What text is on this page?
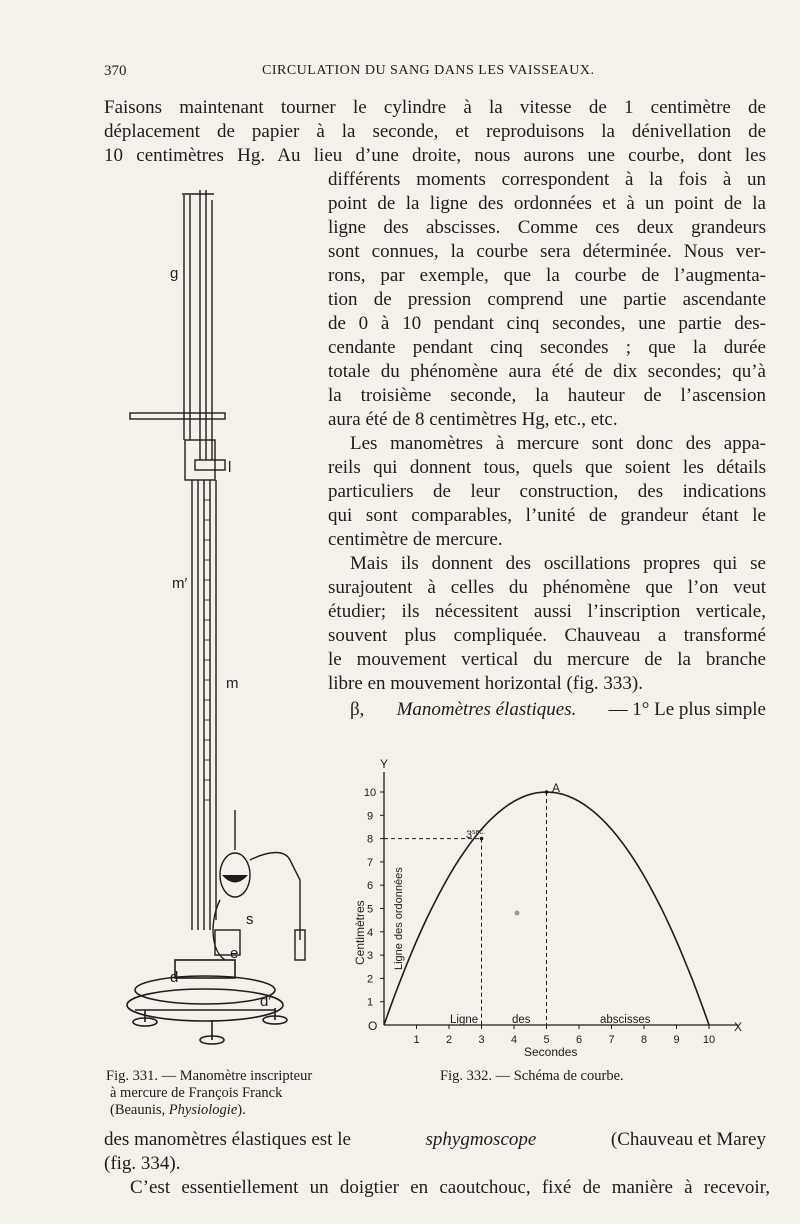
370	CIRCULATION DU SANG DANS LES VAISSEAUX.
Faisons maintenant tourner le cylindre à la vitesse de 1 centimètre de
déplacement de papier à la seconde, et reproduisons la dénivellation de
10 centimètres Hg. Au lieu d’une droite, nous aurons une courbe, dont les
différents moments correspondent à la fois à un
point de la ligne des ordonnées et à un point de la
ligne des abscisses. Comme ces deux grandeurs
sont connues, la courbe sera déterminée. Nous ver-
rons, par exemple, que la courbe de l’augmenta-
tion de pression comprend une partie ascendante
de 0 à 10 pendant cinq secondes, une partie des-
cendante pendant cinq secondes ; que la durée
totale du phénomène aura été de dix secondes; qu’à
la troisième seconde, la hauteur de l’ascension
aura été de 8 centimètres Hg, etc., etc.
Les manomètres à mercure sont donc des appa-
reils qui donnent tous, quels que soient les détails
particuliers de leur construction, des indications
qui sont comparables, l’unité de grandeur étant le
centimètre de mercure.
Mais ils donnent des oscillations propres qui se
surajoutent à celles du phénomène que l’on veut
étudier; ils nécessitent aussi l’inscription verticale,
souvent plus compliquée. Chauveau a transformé
le mouvement vertical du mercure de la branche
libre en mouvement horizontal (fig. 333).
β, Manomètres élastiques. — 1° Le plus simple
g
l
m′
m
s
e
d
d′
Fig. 331. — Manomètre inscripteur
à mercure de François Franck
(Beaunis, Physiologie).
Y
X
O
A
$3^{sec.}$
Centimètres Ligne des ordonnées
Ligne	des	abscisses
Secondes
1
2
3
4
5
6
7
8
9
10
1 2 3 4 5 6 7 8 9 10
Fig. 332. — Schéma de courbe.
des manomètres élastiques est le	sphygmoscope	(Chauveau et Marey
(fig. 334).
C’est essentiellement un doigtier en caoutchouc, fixé de manière à recevoir,
